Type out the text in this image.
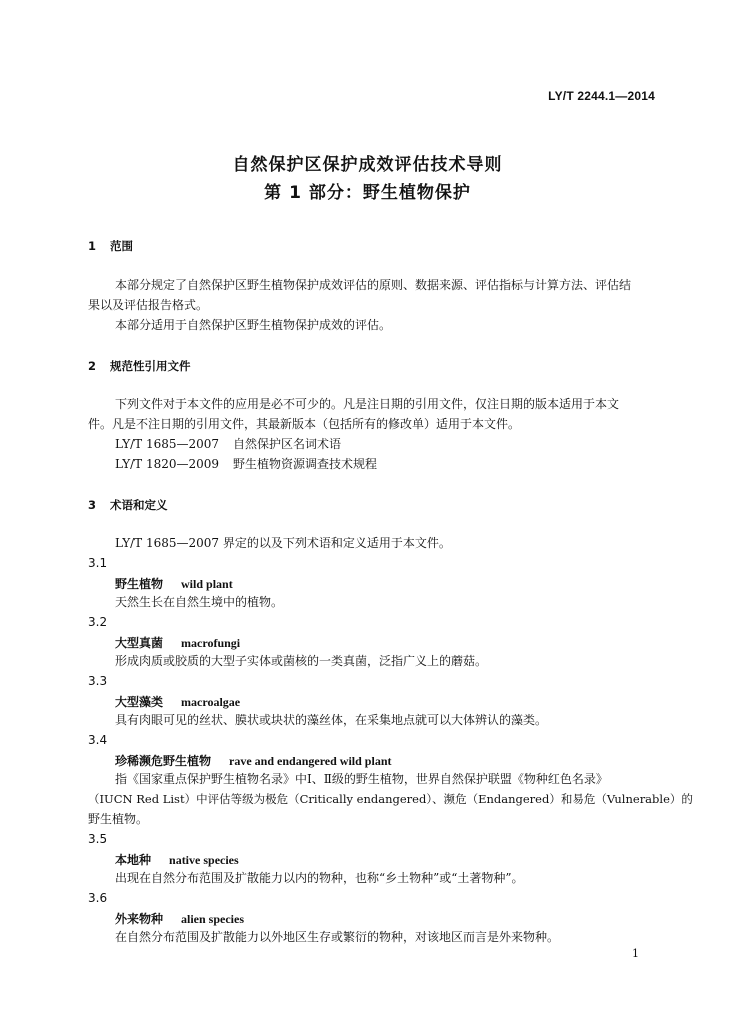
LY/T 2244.1—2014
自然保护区保护成效评估技术导则
第 1 部分：野生植物保护
1 范围
本部分规定了自然保护区野生植物保护成效评估的原则、数据来源、评估指标与计算方法、评估结
果以及评估报告格式。
本部分适用于自然保护区野生植物保护成效的评估。
2 规范性引用文件
下列文件对于本文件的应用是必不可少的。凡是注日期的引用文件，仅注日期的版本适用于本文
件。凡是不注日期的引用文件，其最新版本（包括所有的修改单）适用于本文件。
LY/T 1685—2007 自然保护区名词术语
LY/T 1820—2009 野生植物资源调查技术规程
3 术语和定义
LY/T 1685—2007 界定的以及下列术语和定义适用于本文件。
3.1
野生植物 wild plant
天然生长在自然生境中的植物。
3.2
大型真菌 macrofungi
形成肉质或胶质的大型子实体或菌核的一类真菌，泛指广义上的蘑菇。
3.3
大型藻类 macroalgae
具有肉眼可见的丝状、膜状或块状的藻丝体，在采集地点就可以大体辨认的藻类。
3.4
珍稀濒危野生植物 rave and endangered wild plant
指《国家重点保护野生植物名录》中Ⅰ、Ⅱ级的野生植物，世界自然保护联盟《物种红色名录》
（IUCN Red List）中评估等级为极危（Critically endangered）、濒危（Endangered）和易危（Vulnerable）的
野生植物。
3.5
本地种 native species
出现在自然分布范围及扩散能力以内的物种，也称“乡土物种”或“土著物种”。
3.6
外来物种 alien species
在自然分布范围及扩散能力以外地区生存或繁衍的物种，对该地区而言是外来物种。
1
